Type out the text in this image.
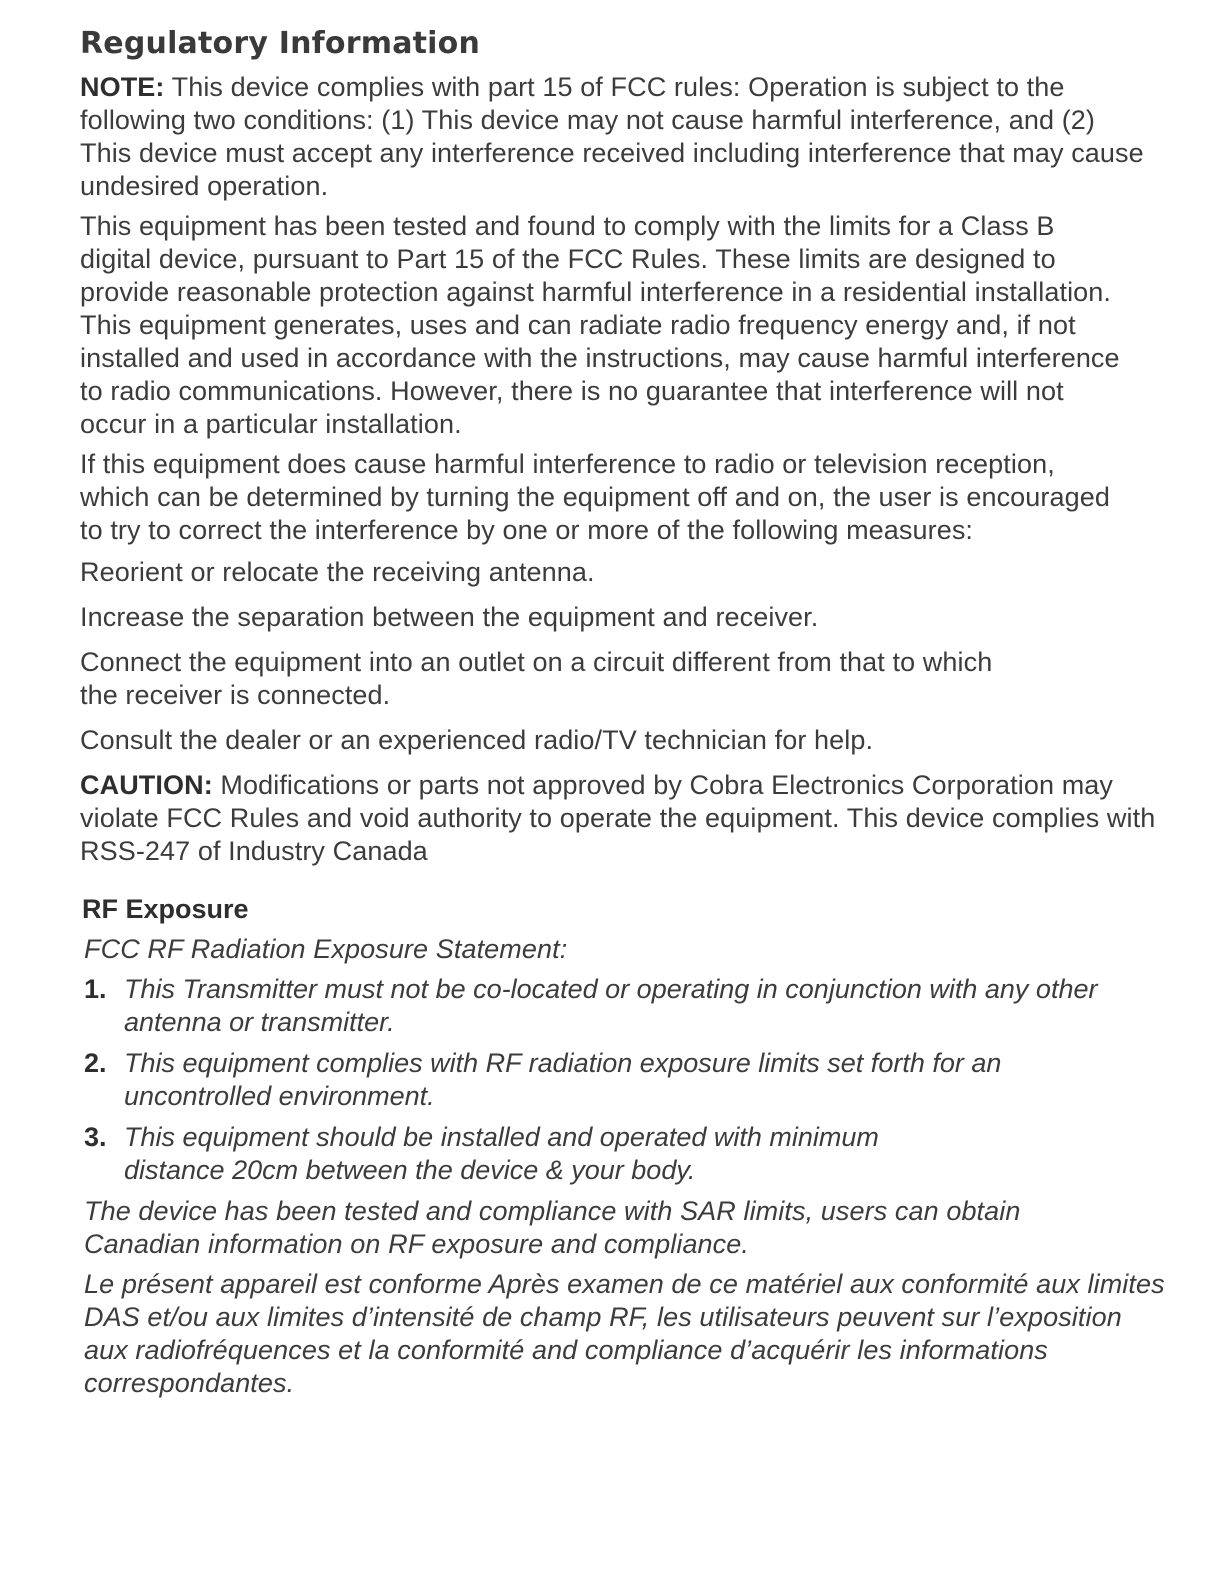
Regulatory Information

NOTE: This device complies with part 15 of FCC rules: Operation is subject to the following two conditions: (1) This device may not cause harmful interference, and (2) This device must accept any interference received including interference that may cause undesired operation.

This equipment has been tested and found to comply with the limits for a Class B digital device, pursuant to Part 15 of the FCC Rules. These limits are designed to provide reasonable protection against harmful interference in a residential installation. This equipment generates, uses and can radiate radio frequency energy and, if not installed and used in accordance with the instructions, may cause harmful interference to radio communications. However, there is no guarantee that interference will not occur in a particular installation.

If this equipment does cause harmful interference to radio or television reception, which can be determined by turning the equipment off and on, the user is encouraged to try to correct the interference by one or more of the following measures:

Reorient or relocate the receiving antenna.

Increase the separation between the equipment and receiver.

Connect the equipment into an outlet on a circuit different from that to which the receiver is connected.

Consult the dealer or an experienced radio/TV technician for help.

CAUTION: Modifications or parts not approved by Cobra Electronics Corporation may violate FCC Rules and void authority to operate the equipment. This device complies with RSS-247 of Industry Canada

RF Exposure

FCC RF Radiation Exposure Statement:

1. This Transmitter must not be co-located or operating in conjunction with any other antenna or transmitter.
2. This equipment complies with RF radiation exposure limits set forth for an uncontrolled environment.
3. This equipment should be installed and operated with minimum distance 20cm between the device & your body.

The device has been tested and compliance with SAR limits, users can obtain Canadian information on RF exposure and compliance.

Le présent appareil est conforme Après examen de ce matériel aux conformité aux limites DAS et/ou aux limites d’intensité de champ RF, les utilisateurs peuvent sur l’exposition aux radiofréquences et la conformité and compliance d’acquérir les informations correspondantes.
